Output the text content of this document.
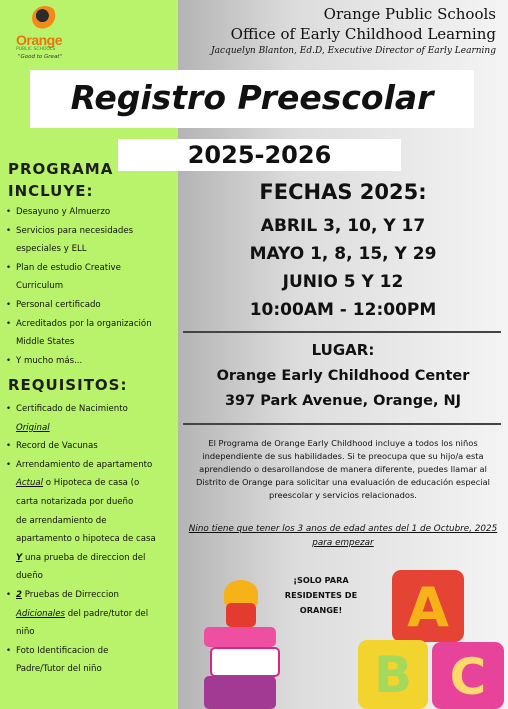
Orange
PUBLIC SCHOOLS
"Good to Great"
Orange Public Schools
Office of Early Childhood Learning
Jacquelyn Blanton, Ed.D, Executive Director of Early Learning
Registro Preescolar
2025-2026
PROGRAMA
INCLUYE:
• Desayuno y Almuerzo
• Servicios para necesidades
especiales y ELL
• Plan de estudio Creative
Curriculum
• Personal certificado
• Acreditados por la organización
Middle States
• Y mucho más...
REQUISITOS:
• Certificado de Nacimiento
Original
• Record de Vacunas
• Arrendamiento de apartamento
Actual o Hipoteca de casa (o
carta notarizada por dueño
de arrendamiento de
apartamento o hipoteca de casa
Y una prueba de direccion del
dueño
• 2 Pruebas de Dirreccion
Adicionales del padre/tutor del
niño
• Foto Identificacion de
Padre/Tutor del niño
FECHAS 2025:
ABRIL 3, 10, Y 17
MAYO 1, 8, 15, Y 29
JUNIO 5 Y 12
10:00AM - 12:00PM
LUGAR:
Orange Early Childhood Center
397 Park Avenue, Orange, NJ
El Programa de Orange Early Childhood incluye a todos los niños independiente de sus habilidades. Si te preocupa que su hijo/a esta aprendiendo o desarollandose de manera diferente, puedes llamar al Distrito de Orange para solicitar una evaluación de educación especial preescolar y servicios relacionados.
Nino tiene que tener los 3 anos de edad antes del 1 de Octubre, 2025 para empezar
¡SOLO PARA RESIDENTES DE ORANGE!	A
B C
